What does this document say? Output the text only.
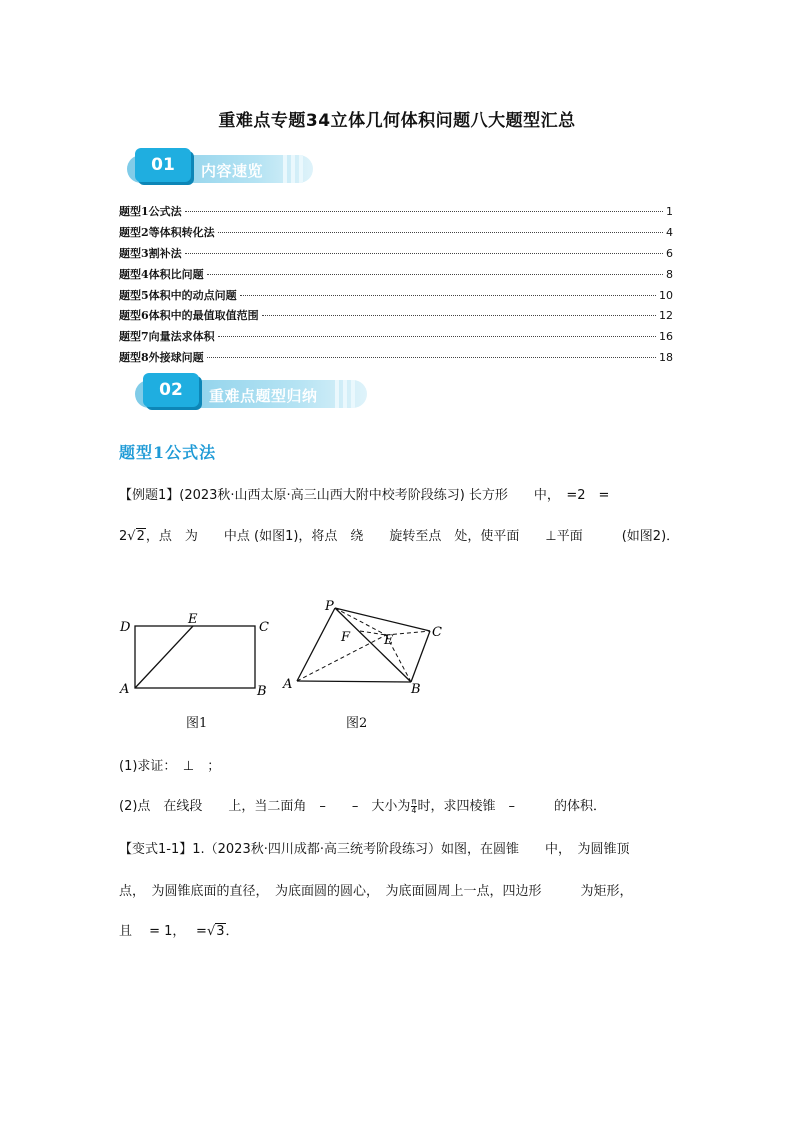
重难点专题34立体几何体积问题八大题型汇总
01	内容速览
题型1公式法	1
题型2等体积转化法	4
题型3割补法	6
题型4体积比问题	8
题型5体积中的动点问题	10
题型6体积中的最值取值范围	12
题型7向量法求体积	16
题型8外接球问题	18
02	重难点题型归纳
题型1公式法
【例题1】(2023秋·山西太原·高三山西大附中校考阶段练习) 长方形　　中，　=2　=
2√2，点　为　　中点 (如图1)，将点　绕　　旋转至点　处，使平面　　⊥平面　　　(如图2)．
D
E
C
A	B
图1
P
F	E
C
A	B
图2
(1)求证：　⊥　；
(2)点　在线段　　上，当二面角　–　　–　大小为 $\frac{\pi}{4}$ 时，求四棱锥　–　　　的体积．
【变式1-1】1.（2023秋·四川成都·高三统考阶段练习）如图，在圆锥　　中，　为圆锥顶
点，　为圆锥底面的直径，　为底面圆的圆心，　为底面圆周上一点，四边形　　　为矩形，
且　 = 1，　 =√3．
